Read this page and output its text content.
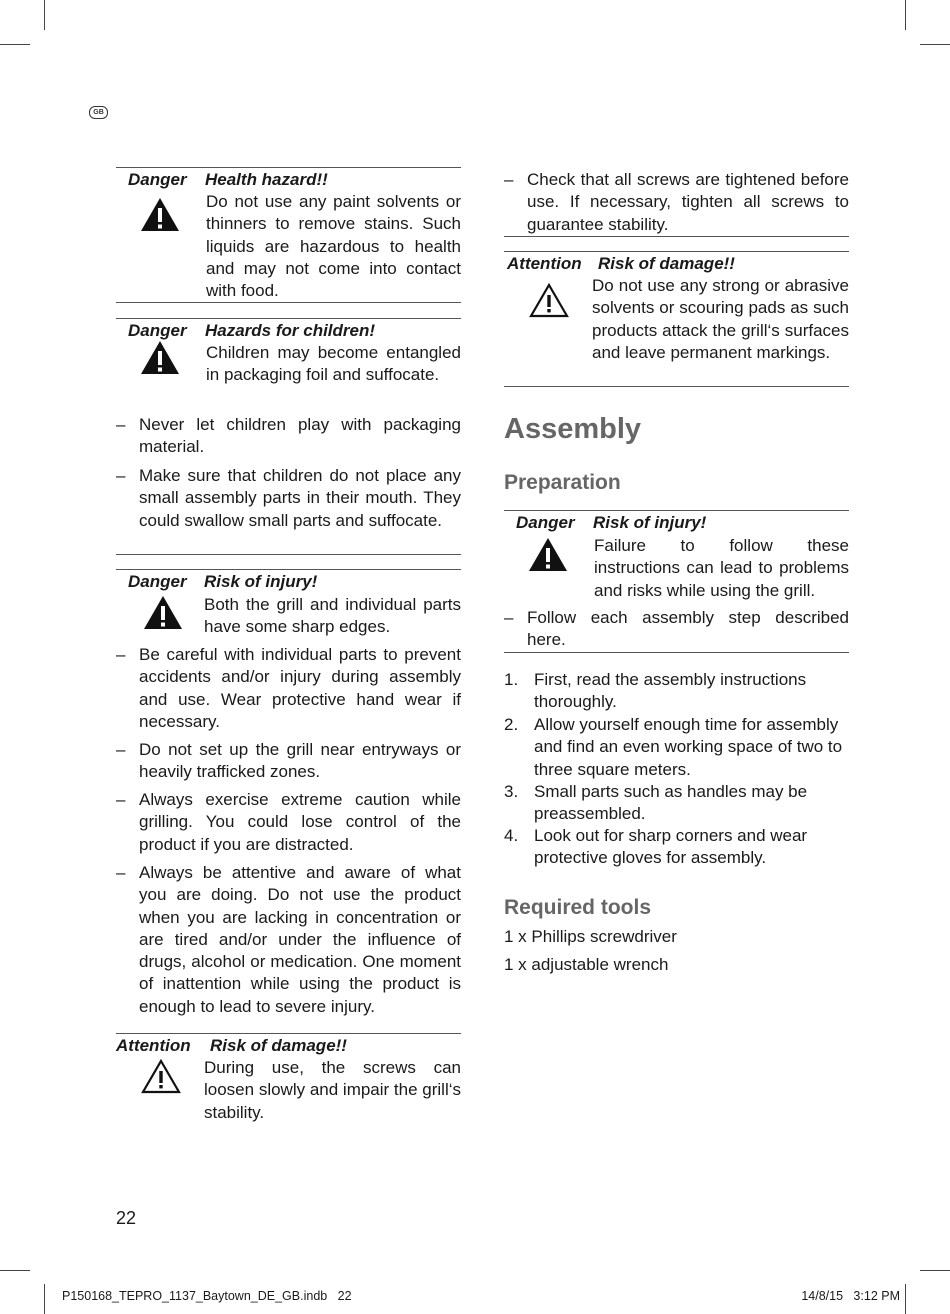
GB
Danger Health hazard!!
Do not use any paint solvents or thinners to remove stains. Such liquids are hazardous to health and may not come into contact with food.
Danger Hazards for children!
Children may become entangled in packaging foil and suffocate.
– Never let children play with packaging material.
– Make sure that children do not place any small assembly parts in their mouth. They could swallow small parts and suffocate.
Danger Risk of injury!
Both the grill and individual parts have some sharp edges.
– Be careful with individual parts to prevent accidents and/or injury during assembly and use. Wear protective hand wear if necessary.
– Do not set up the grill near entryways or heavily trafficked zones.
– Always exercise extreme caution while grilling. You could lose control of the product if you are distracted.
– Always be attentive and aware of what you are doing. Do not use the product when you are lacking in concentration or are tired and/or under the influence of drugs, alcohol or medication. One moment of inattention while using the product is enough to lead to severe injury.
Attention Risk of damage!!
During use, the screws can loosen slowly and impair the grill‘s stability.
– Check that all screws are tightened before use. If necessary, tighten all screws to guarantee stability.
Attention Risk of damage!!
Do not use any strong or abrasive solvents or scouring pads as such products attack the grill‘s surfaces and leave permanent markings.
Assembly
Preparation
Danger Risk of injury!
Failure to follow these instructions can lead to problems and risks while using the grill.
– Follow each assembly step described here.
1. First, read the assembly instructions thoroughly.
2. Allow yourself enough time for assembly and find an even working space of two to three square meters.
3. Small parts such as handles may be preassembled.
4. Look out for sharp corners and wear protective gloves for assembly.
Required tools
1 x Phillips screwdriver
1 x adjustable wrench
22
P150168_TEPRO_1137_Baytown_DE_GB.indb   22	14/8/15   3:12 PM
